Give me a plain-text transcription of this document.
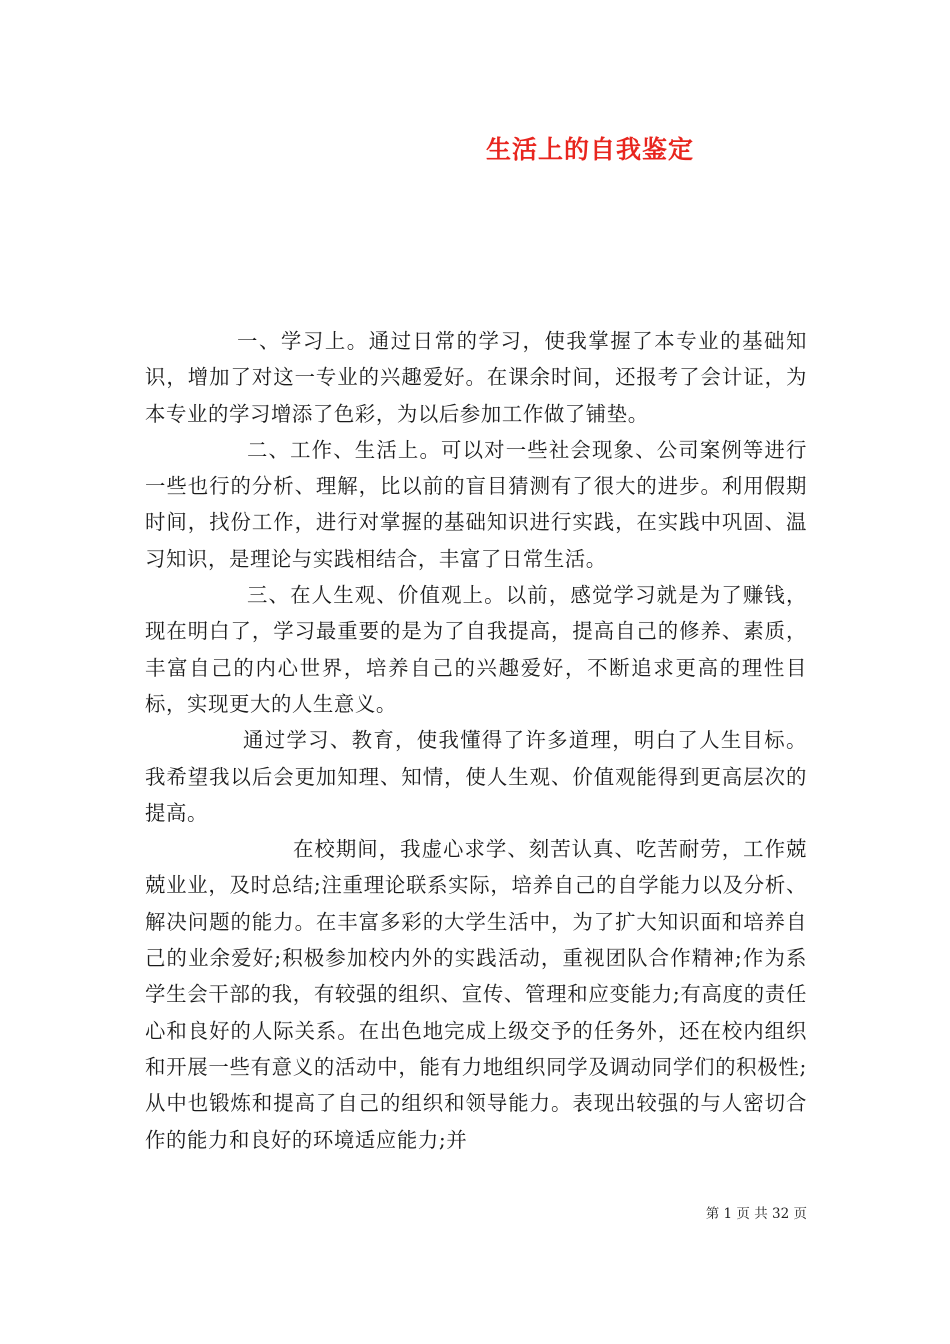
生活上的自我鉴定

一、学习上。通过日常的学习，使我掌握了本专业的基础知识，增加了对这一专业的兴趣爱好。在课余时间，还报考了会计证，为本专业的学习增添了色彩，为以后参加工作做了铺垫。

二、工作、生活上。可以对一些社会现象、公司案例等进行一些也行的分析、理解，比以前的盲目猜测有了很大的进步。利用假期时间，找份工作，进行对掌握的基础知识进行实践，在实践中巩固、温习知识，是理论与实践相结合，丰富了日常生活。

三、在人生观、价值观上。以前，感觉学习就是为了赚钱，现在明白了，学习最重要的是为了自我提高，提高自己的修养、素质，丰富自己的内心世界，培养自己的兴趣爱好，不断追求更高的理性目标，实现更大的人生意义。

通过学习、教育，使我懂得了许多道理，明白了人生目标。我希望我以后会更加知理、知情，使人生观、价值观能得到更高层次的提高。

在校期间，我虚心求学、刻苦认真、吃苦耐劳，工作兢兢业业，及时总结;注重理论联系实际，培养自己的自学能力以及分析、解决问题的能力。在丰富多彩的大学生活中，为了扩大知识面和培养自己的业余爱好;积极参加校内外的实践活动，重视团队合作精神;作为系学生会干部的我，有较强的组织、宣传、管理和应变能力;有高度的责任心和良好的人际关系。在出色地完成上级交予的任务外，还在校内组织和开展一些有意义的活动中，能有力地组织同学及调动同学们的积极性;从中也锻炼和提高了自己的组织和领导能力。表现出较强的与人密切合作的能力和良好的环境适应能力;并

第 1 页 共 32 页
